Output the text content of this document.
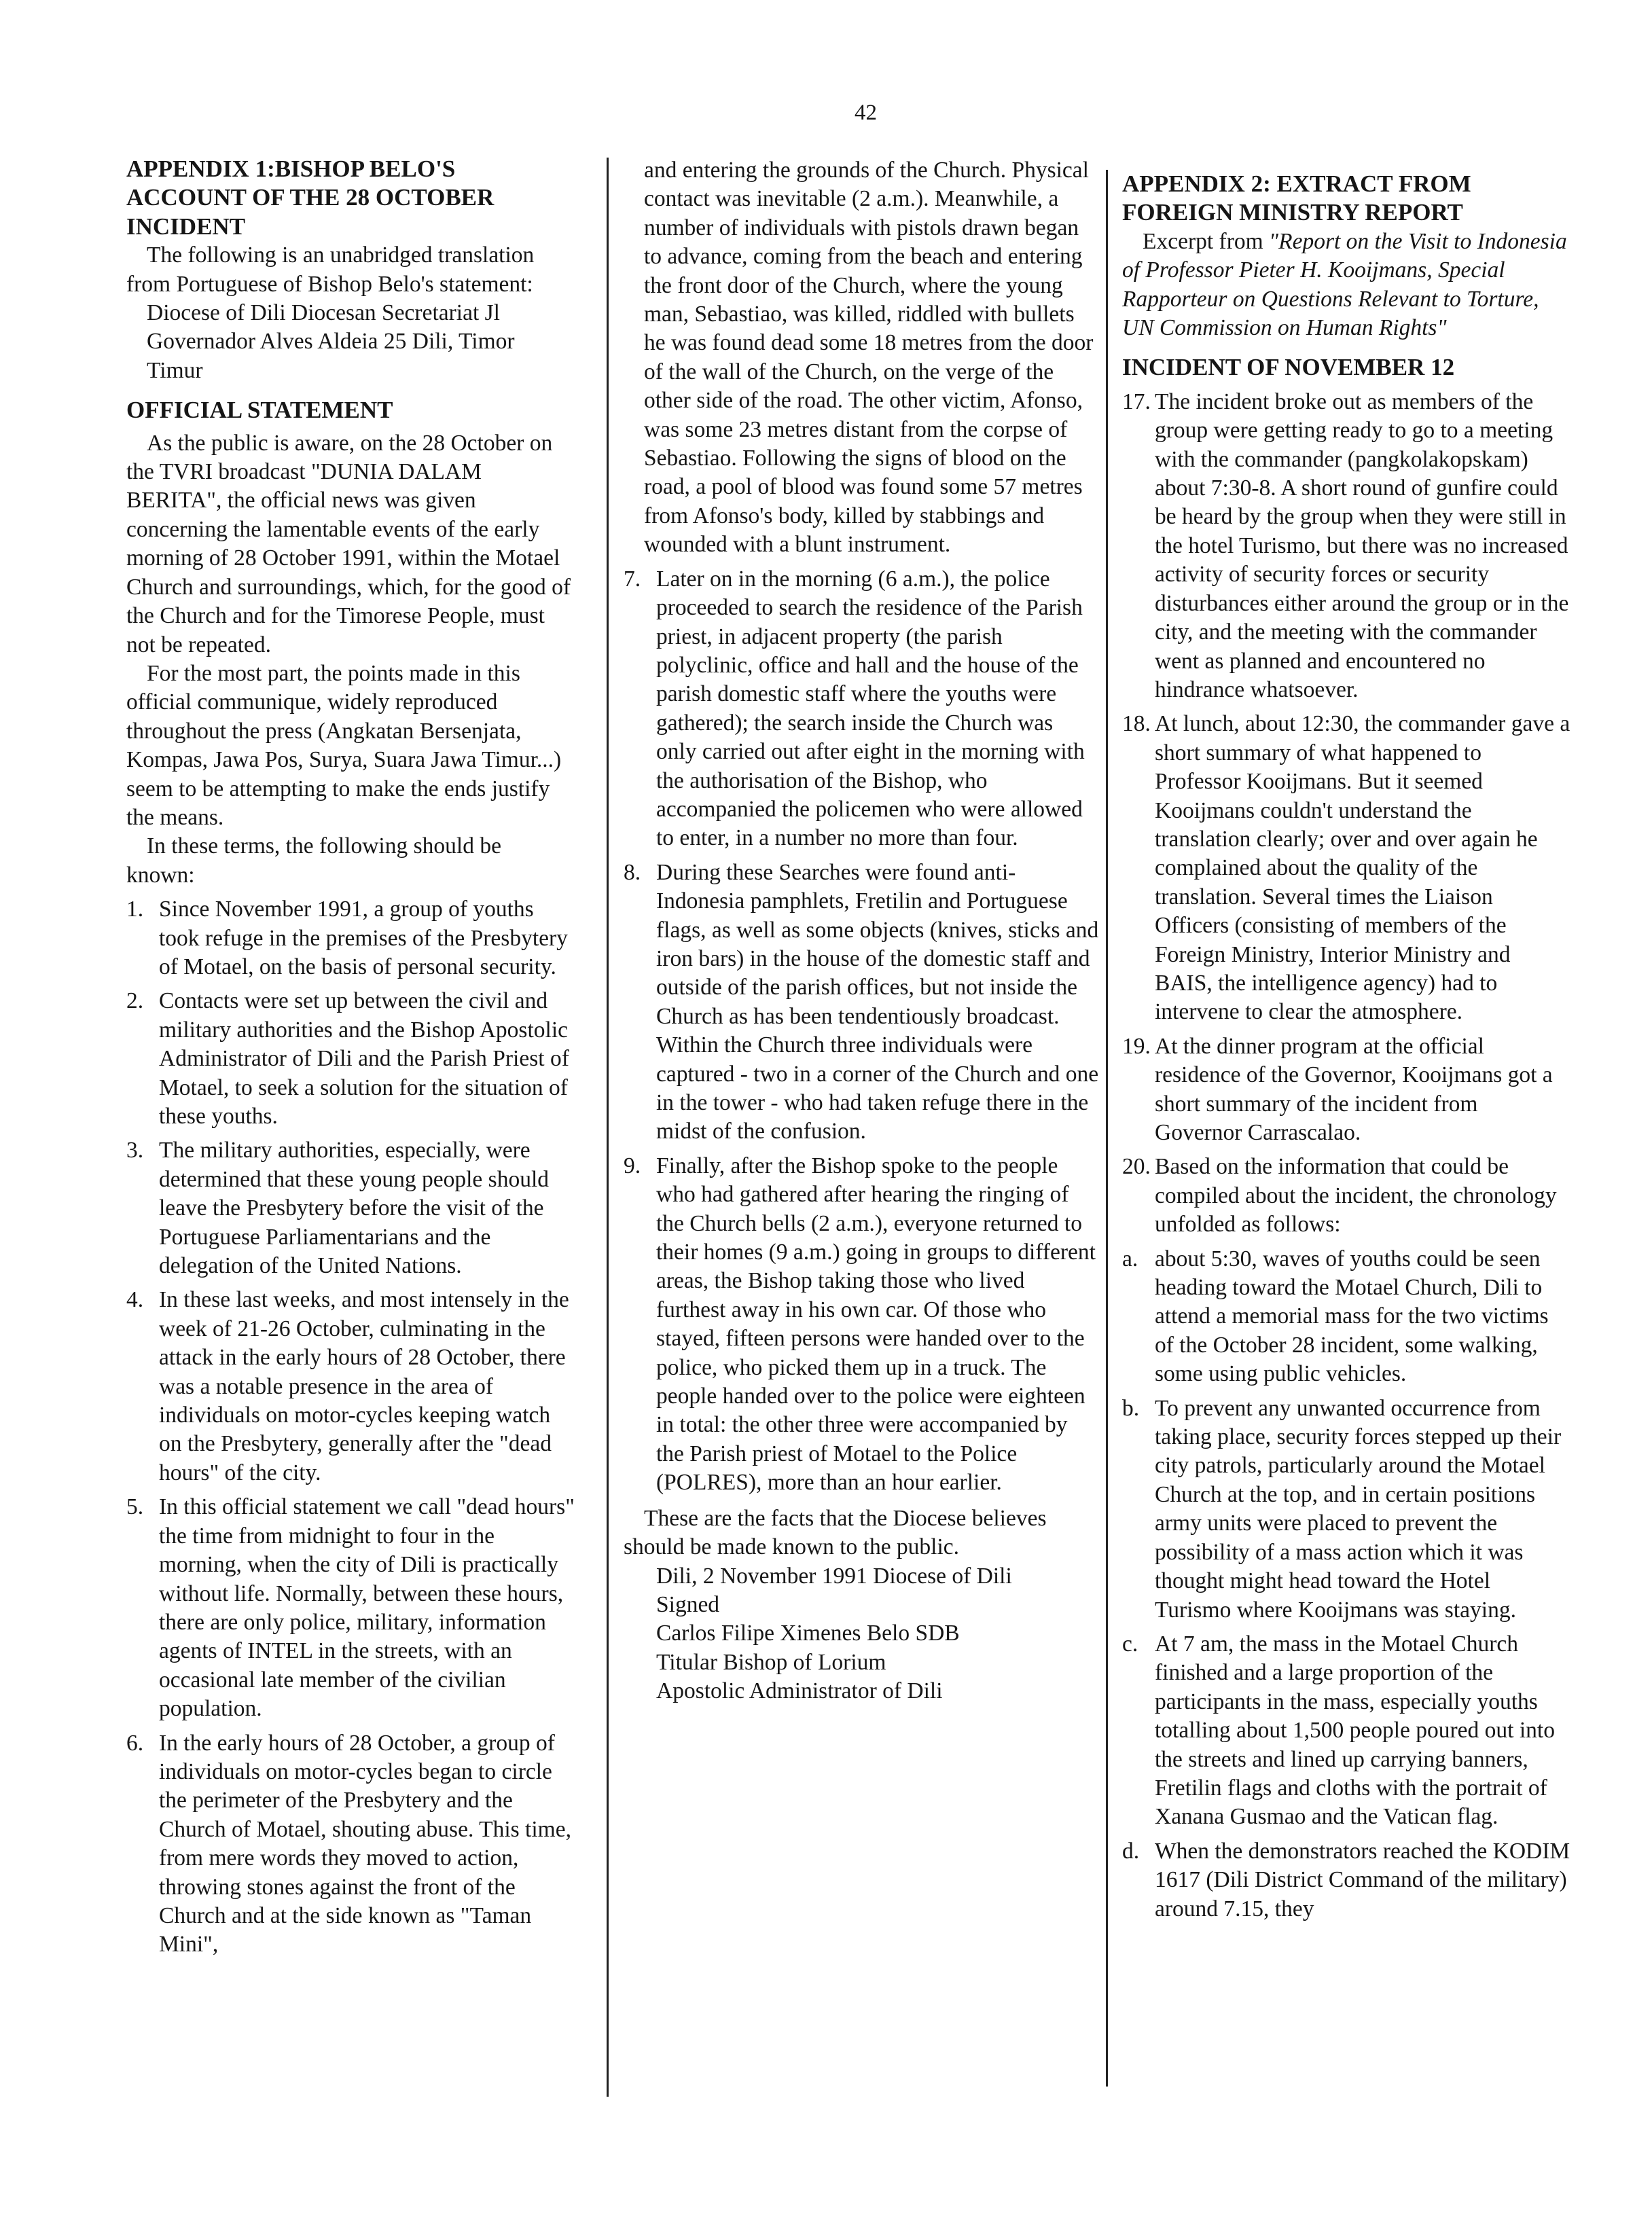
42
APPENDIX 1:BISHOP BELO'S ACCOUNT OF THE 28 OCTOBER INCIDENT

The following is an unabridged translation from Portuguese of Bishop Belo's statement:

Diocese of Dili Diocesan Secretariat Jl Governador Alves Aldeia 25 Dili, Timor Timur

OFFICIAL STATEMENT

As the public is aware, on the 28 October on the TVRI broadcast "DUNIA DALAM BERITA", the official news was given concerning the lamentable events of the early morning of 28 October 1991, within the Motael Church and surroundings, which, for the good of the Church and for the Timorese People, must not be repeated.

For the most part, the points made in this official communique, widely reproduced throughout the press (Angkatan Bersenjata, Kompas, Jawa Pos, Surya, Suara Jawa Timur...) seem to be attempting to make the ends justify the means.

In these terms, the following should be known:

1. Since November 1991, a group of youths took refuge in the premises of the Presbytery of Motael, on the basis of personal security.
2. Contacts were set up between the civil and military authorities and the Bishop Apostolic Administrator of Dili and the Parish Priest of Motael, to seek a solution for the situation of these youths.
3. The military authorities, especially, were determined that these young people should leave the Presbytery before the visit of the Portuguese Parliamentarians and the delegation of the United Nations.
4. In these last weeks, and most intensely in the week of 21-26 October, culminating in the attack in the early hours of 28 October, there was a notable presence in the area of individuals on motor-cycles keeping watch on the Presbytery, generally after the "dead hours" of the city.
5. In this official statement we call "dead hours" the time from midnight to four in the morning, when the city of Dili is practically without life. Normally, between these hours, there are only police, military, information agents of INTEL in the streets, with an occasional late member of the civilian population.
6. In the early hours of 28 October, a group of individuals on motor-cycles began to circle the perimeter of the Presbytery and the Church of Motael, shouting abuse. This time, from mere words they moved to action, throwing stones against the front of the Church and at the side known as "Taman Mini",

and entering the grounds of the Church. Physical contact was inevitable (2 a.m.). Meanwhile, a number of individuals with pistols drawn began to advance, coming from the beach and entering the front door of the Church, where the young man, Sebastiao, was killed, riddled with bullets he was found dead some 18 metres from the door of the wall of the Church, on the verge of the other side of the road. The other victim, Afonso, was some 23 metres distant from the corpse of Sebastiao. Following the signs of blood on the road, a pool of blood was found some 57 metres from Afonso's body, killed by stabbings and wounded with a blunt instrument.

7. Later on in the morning (6 a.m.), the police proceeded to search the residence of the Parish priest, in adjacent property (the parish polyclinic, office and hall and the house of the parish domestic staff where the youths were gathered); the search inside the Church was only carried out after eight in the morning with the authorisation of the Bishop, who accompanied the policemen who were allowed to enter, in a number no more than four.
8. During these Searches were found anti-Indonesia pamphlets, Fretilin and Portuguese flags, as well as some objects (knives, sticks and iron bars) in the house of the domestic staff and outside of the parish offices, but not inside the Church as has been tendentiously broadcast. Within the Church three individuals were captured - two in a corner of the Church and one in the tower - who had taken refuge there in the midst of the confusion.
9. Finally, after the Bishop spoke to the people who had gathered after hearing the ringing of the Church bells (2 a.m.), everyone returned to their homes (9 a.m.) going in groups to different areas, the Bishop taking those who lived furthest away in his own car. Of those who stayed, fifteen persons were handed over to the police, who picked them up in a truck. The people handed over to the police were eighteen in total: the other three were accompanied by the Parish priest of Motael to the Police (POLRES), more than an hour earlier.

These are the facts that the Diocese believes should be made known to the public.

Dili, 2 November 1991 Diocese of Dili

Signed

Carlos Filipe Ximenes Belo SDB

Titular Bishop of Lorium

Apostolic Administrator of Dili

APPENDIX 2: EXTRACT FROM FOREIGN MINISTRY REPORT

Excerpt from "Report on the Visit to Indonesia of Professor Pieter H. Kooijmans, Special Rapporteur on Questions Relevant to Torture, UN Commission on Human Rights"

INCIDENT OF NOVEMBER 12
17. The incident broke out as members of the group were getting ready to go to a meeting with the commander (pangkolakopskam) about 7:30-8. A short round of gunfire could be heard by the group when they were still in the hotel Turismo, but there was no increased activity of security forces or security disturbances either around the group or in the city, and the meeting with the commander went as planned and encountered no hindrance whatsoever.
18. At lunch, about 12:30, the commander gave a short summary of what happened to Professor Kooijmans. But it seemed Kooijmans couldn't understand the translation clearly; over and over again he complained about the quality of the translation. Several times the Liaison Officers (consisting of members of the Foreign Ministry, Interior Ministry and BAIS, the intelligence agency) had to intervene to clear the atmosphere.
19. At the dinner program at the official residence of the Governor, Kooijmans got a short summary of the incident from Governor Carrascalao.
20. Based on the information that could be compiled about the incident, the chronology unfolded as follows:
a. about 5:30, waves of youths could be seen heading toward the Motael Church, Dili to attend a memorial mass for the two victims of the October 28 incident, some walking, some using public vehicles.
b. To prevent any unwanted occurrence from taking place, security forces stepped up their city patrols, particularly around the Motael Church at the top, and in certain positions army units were placed to prevent the possibility of a mass action which it was thought might head toward the Hotel Turismo where Kooijmans was staying.
c. At 7 am, the mass in the Motael Church finished and a large proportion of the participants in the mass, especially youths totalling about 1,500 people poured out into the streets and lined up carrying banners, Fretilin flags and cloths with the portrait of Xanana Gusmao and the Vatican flag.
d. When the demonstrators reached the KODIM 1617 (Dili District Command of the military) around 7.15, they
